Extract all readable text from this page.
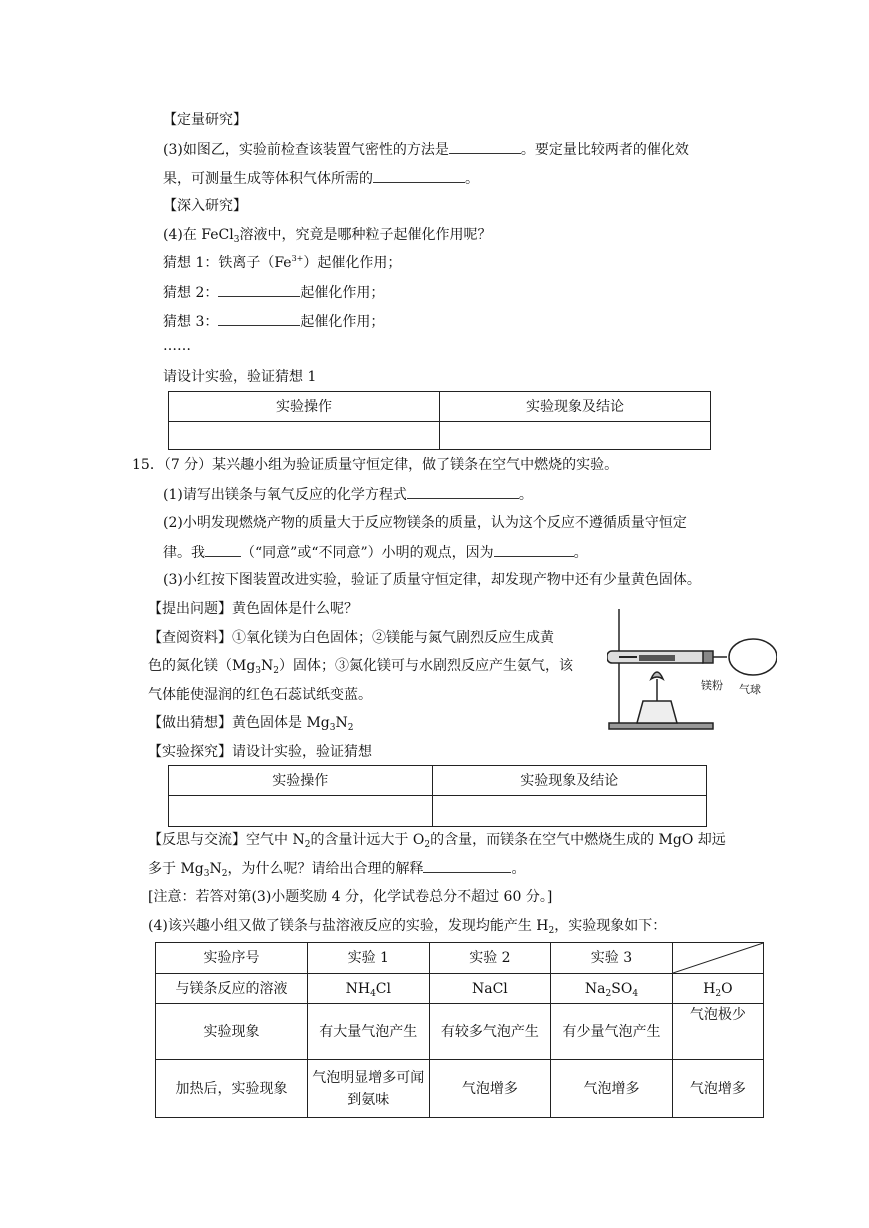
【定量研究】
(3)如图乙，实验前检查该装置气密性的方法是	。要定量比较两者的催化效
果，可测量生成等体积气体所需的	。
【深入研究】
(4)在 FeCl$_3$溶液中，究竟是哪种粒子起催化作用呢？
猜想 1：铁离子$(Fe^{3+})$起催化作用；
猜想 2：	起催化作用；
猜想 3：	起催化作用；
……
请设计实验，验证猜想 1
实验操作	实验现象及结论

15．（7 分）某兴趣小组为验证质量守恒定律，做了镁条在空气中燃烧的实验。
(1)请写出镁条与氧气反应的化学方程式	。
(2)小明发现燃烧产物的质量大于反应物镁条的质量，认为这个反应不遵循质量守恒定
律。我	（“同意”或“不同意”）小明的观点，因为	。
(3)小红按下图装置改进实验，验证了质量守恒定律，却发现产物中还有少量黄色固体。
【提出问题】黄色固体是什么呢？
【查阅资料】①氧化镁为白色固体；②镁能与氮气剧烈反应生成黄
色的氮化镁$(Mg_3N_2)$固体；③氮化镁可与水剧烈反应产生氨气，该
气体能使湿润的红色石蕊试纸变蓝。
【做出猜想】黄色固体是 $Mg_3N_2$
【实验探究】请设计实验，验证猜想
镁粉 气球
实验操作	实验现象及结论

【反思与交流】空气中 $N_2$的含量计远大于 $O_2$的含量，而镁条在空气中燃烧生成的 MgO 却远
多于 $Mg_3N_2$，为什么呢？请给出合理的解释	。
[注意：若答对第(3)小题奖励 4 分，化学试卷总分不超过 60 分。]
(4)该兴趣小组又做了镁条与盐溶液反应的实验，发现均能产生 $H_2$，实验现象如下：
实验序号	实验 1	实验 2	实验 3	

与镁条反应的溶液	$NH_4Cl$	NaCl	$Na_2SO_4$	$H_2O$
实验现象	有大量气泡产生	有较多气泡产生	有少量气泡产生	气泡极少
加热后，实验现象	气泡明显增多可闻到氨味	气泡增多	气泡增多	气泡增多
